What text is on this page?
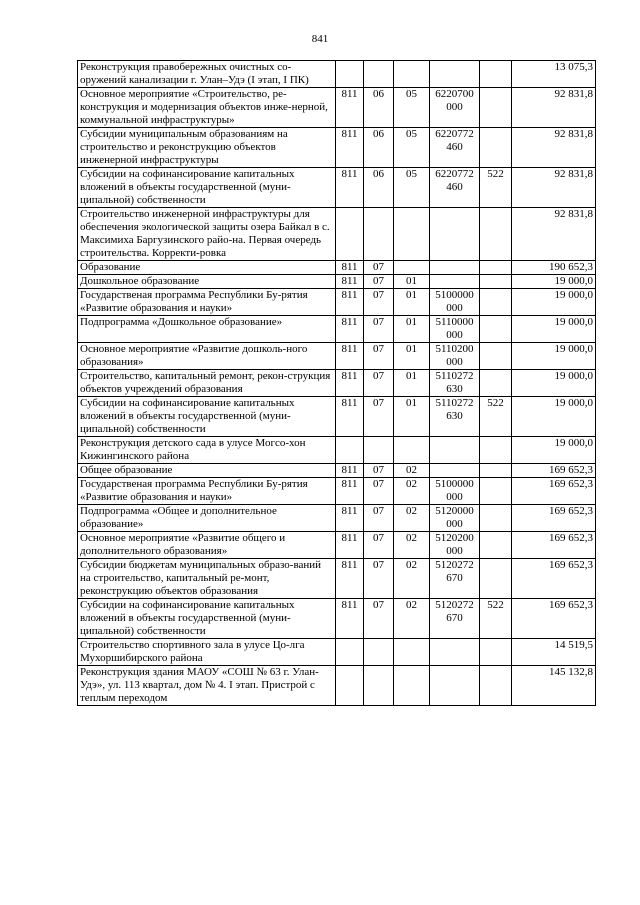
841
Реконструкция правобережных очистных со-оружений канализации г. Улан–Удэ (I этап, I ПК)						13 075,3
Основное мероприятие «Строительство, ре-конструкция и модернизация объектов инже-нерной, коммунальной инфраструктуры»	811	06	05	6220700 000		92 831,8
Субсидии муниципальным образованиям на строительство и реконструкцию объектов инженерной инфраструктуры	811	06	05	6220772 460		92 831,8
Субсидии на софинансирование капитальных вложений в объекты государственной (муни-ципальной) собственности	811	06	05	6220772 460	522	92 831,8
Строительство инженерной инфраструктуры для обеспечения экологической защиты озера Байкал в с. Максимиха Баргузинского райо-на. Первая очередь строительства. Корректи-ровка						92 831,8
Образование	811	07				190 652,3
Дошкольное образование	811	07	01			19 000,0
Государственая программа Республики Бу-рятия «Развитие образования и науки»	811	07	01	5100000 000		19 000,0
Подпрограмма «Дошкольное образование»	811	07	01	5110000 000		19 000,0
Основное мероприятие «Развитие дошколь-ного образования»	811	07	01	5110200 000		19 000,0
Строительство, капитальный ремонт, рекон-струкция объектов учреждений образования	811	07	01	5110272 630		19 000,0
Субсидии на софинансирование капитальных вложений в объекты государственной (муни-ципальной) собственности	811	07	01	5110272 630	522	19 000,0
Реконструкция детского сада в улусе Могсо-хон Кижингинского района						19 000,0
Общее образование	811	07	02			169 652,3
Государственая программа Республики Бу-рятия «Развитие образования и науки»	811	07	02	5100000 000		169 652,3
Подпрограмма «Общее и дополнительное образование»	811	07	02	5120000 000		169 652,3
Основное мероприятие «Развитие общего и дополнительного образования»	811	07	02	5120200 000		169 652,3
Субсидии бюджетам муниципальных образо-ваний на строительство, капитальный ре-монт, реконструкцию объектов образования	811	07	02	5120272 670		169 652,3
Субсидии на софинансирование капитальных вложений в объекты государственной (муни-ципальной) собственности	811	07	02	5120272 670	522	169 652,3
Строительство спортивного зала в улусе Цо-лга Мухоршибирского района						14 519,5
Реконструкция здания МАОУ «СОШ № 63 г. Улан-Удэ», ул. 113 квартал, дом № 4. I этап. Пристрой с теплым переходом						145 132,8
